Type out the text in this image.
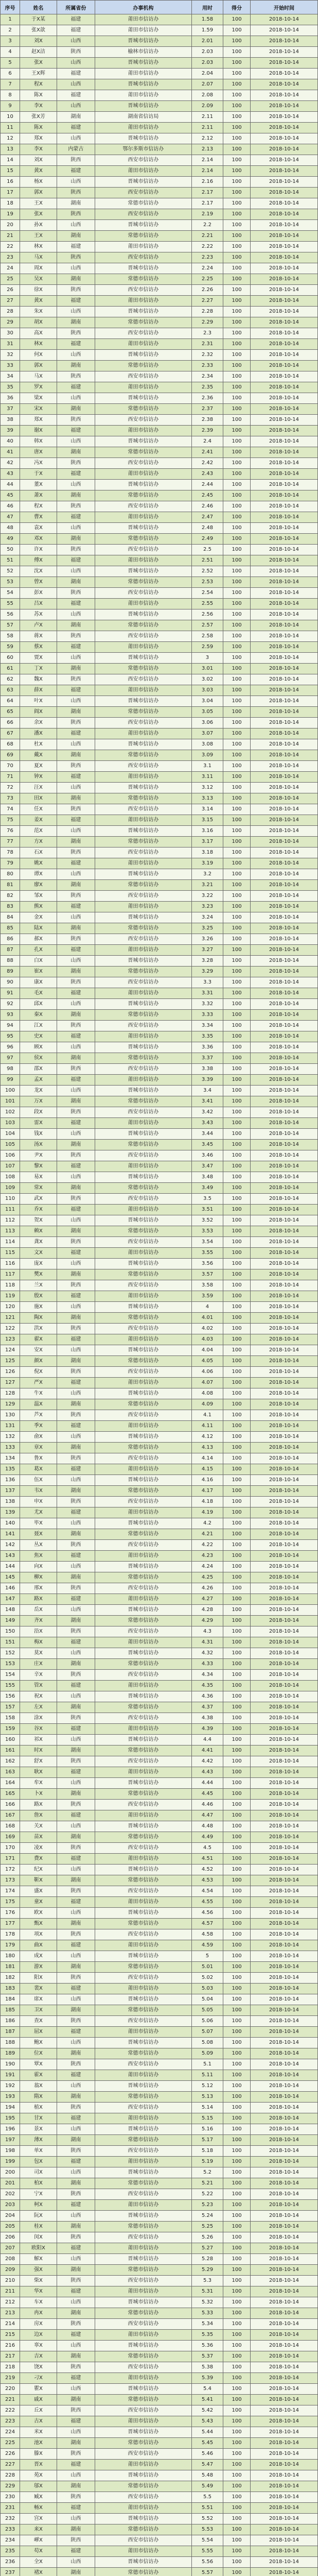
序号	姓名	所属省份	办事机构	用时	得分	开始时间
1	于X某	福建	莆田市信访办	1.58	100	2018-10-14
2	张X歆	福建	莆田市信访办	1.59	100	2018-10-14
3	刘X	山西	晋城市信访办	2.01	100	2018-10-14
4	赵X洁	陕西	榆林市信访办	2.03	100	2018-10-14
5	张X	山西	晋城市信访办	2.03	100	2018-10-14
6	王X辉	福建	莆田市信访办	2.04	100	2018-10-14
7	程X	山西	晋城市信访办	2.07	100	2018-10-14
8	陈X	福建	莆田市信访办	2.08	100	2018-10-14
9	李X	山西	晋城市信访办	2.09	100	2018-10-14
10	张X芳	湖南	湖南省信访局	2.11	100	2018-10-14
11	陈X	福建	莆田市信访办	2.11	100	2018-10-14
12	郑X	山西	晋城市信访办	2.12	100	2018-10-14
13	李X	内蒙古	鄂尔多斯市信访办	2.13	100	2018-10-14
14	刘X	陕西	西安市信访办	2.14	100	2018-10-14
15	黄X	福建	莆田市信访办	2.14	100	2018-10-14
16	杨X	山西	晋城市信访办	2.16	100	2018-10-14
17	郭X	陕西	西安市信访办	2.17	100	2018-10-14
18	王X	湖南	常德市信访办	2.17	100	2018-10-14
19	张X	陕西	西安市信访办	2.19	100	2018-10-14
20	孙X	山西	晋城市信访办	2.2	100	2018-10-14
21	王X	湖南	常德市信访办	2.21	100	2018-10-14
22	林X	福建	莆田市信访办	2.22	100	2018-10-14
23	马X	陕西	西安市信访办	2.23	100	2018-10-14
24	周X	山西	晋城市信访办	2.24	100	2018-10-14
25	吴X	湖南	常德市信访办	2.25	100	2018-10-14
26	徐X	陕西	西安市信访办	2.26	100	2018-10-14
27	黄X	福建	莆田市信访办	2.27	100	2018-10-14
28	朱X	山西	晋城市信访办	2.28	100	2018-10-14
29	胡X	湖南	常德市信访办	2.29	100	2018-10-14
30	高X	陕西	西安市信访办	2.3	100	2018-10-14
31	林X	福建	莆田市信访办	2.31	100	2018-10-14
32	何X	山西	晋城市信访办	2.32	100	2018-10-14
33	郭X	湖南	常德市信访办	2.33	100	2018-10-14
34	马X	陕西	西安市信访办	2.34	100	2018-10-14
35	罗X	福建	莆田市信访办	2.35	100	2018-10-14
36	梁X	山西	晋城市信访办	2.36	100	2018-10-14
37	宋X	湖南	常德市信访办	2.37	100	2018-10-14
38	郑X	陕西	西安市信访办	2.38	100	2018-10-14
39	谢X	福建	莆田市信访办	2.39	100	2018-10-14
40	韩X	山西	晋城市信访办	2.4	100	2018-10-14
41	唐X	湖南	常德市信访办	2.41	100	2018-10-14
42	冯X	陕西	西安市信访办	2.42	100	2018-10-14
43	于X	福建	莆田市信访办	2.43	100	2018-10-14
44	董X	山西	晋城市信访办	2.44	100	2018-10-14
45	萧X	湖南	常德市信访办	2.45	100	2018-10-14
46	程X	陕西	西安市信访办	2.46	100	2018-10-14
47	曹X	福建	莆田市信访办	2.47	100	2018-10-14
48	袁X	山西	晋城市信访办	2.48	100	2018-10-14
49	邓X	湖南	常德市信访办	2.49	100	2018-10-14
50	许X	陕西	西安市信访办	2.5	100	2018-10-14
51	傅X	福建	莆田市信访办	2.51	100	2018-10-14
52	沈X	山西	晋城市信访办	2.52	100	2018-10-14
53	曾X	湖南	常德市信访办	2.53	100	2018-10-14
54	彭X	陕西	西安市信访办	2.54	100	2018-10-14
55	吕X	福建	莆田市信访办	2.55	100	2018-10-14
56	苏X	山西	晋城市信访办	2.56	100	2018-10-14
57	卢X	湖南	常德市信访办	2.57	100	2018-10-14
58	蒋X	陕西	西安市信访办	2.58	100	2018-10-14
59	蔡X	福建	莆田市信访办	2.59	100	2018-10-14
60	贾X	山西	晋城市信访办	3	100	2018-10-14
61	丁X	湖南	常德市信访办	3.01	100	2018-10-14
62	魏X	陕西	西安市信访办	3.02	100	2018-10-14
63	薛X	福建	莆田市信访办	3.03	100	2018-10-14
64	叶X	山西	晋城市信访办	3.04	100	2018-10-14
65	阎X	湖南	常德市信访办	3.05	100	2018-10-14
66	余X	陕西	西安市信访办	3.06	100	2018-10-14
67	潘X	福建	莆田市信访办	3.07	100	2018-10-14
68	杜X	山西	晋城市信访办	3.08	100	2018-10-14
69	戴X	湖南	常德市信访办	3.09	100	2018-10-14
70	夏X	陕西	西安市信访办	3.1	100	2018-10-14
71	钟X	福建	莆田市信访办	3.11	100	2018-10-14
72	汪X	山西	晋城市信访办	3.12	100	2018-10-14
73	田X	湖南	常德市信访办	3.13	100	2018-10-14
74	任X	陕西	西安市信访办	3.14	100	2018-10-14
75	姜X	福建	莆田市信访办	3.15	100	2018-10-14
76	范X	山西	晋城市信访办	3.16	100	2018-10-14
77	方X	湖南	常德市信访办	3.17	100	2018-10-14
78	石X	陕西	西安市信访办	3.18	100	2018-10-14
79	姚X	福建	莆田市信访办	3.19	100	2018-10-14
80	谭X	山西	晋城市信访办	3.2	100	2018-10-14
81	廖X	湖南	常德市信访办	3.21	100	2018-10-14
82	邹X	陕西	西安市信访办	3.22	100	2018-10-14
83	熊X	福建	莆田市信访办	3.23	100	2018-10-14
84	金X	山西	晋城市信访办	3.24	100	2018-10-14
85	陆X	湖南	常德市信访办	3.25	100	2018-10-14
86	郝X	陕西	西安市信访办	3.26	100	2018-10-14
87	孔X	福建	莆田市信访办	3.27	100	2018-10-14
88	白X	山西	晋城市信访办	3.28	100	2018-10-14
89	崔X	湖南	常德市信访办	3.29	100	2018-10-14
90	康X	陕西	西安市信访办	3.3	100	2018-10-14
91	毛X	福建	莆田市信访办	3.31	100	2018-10-14
92	邱X	山西	晋城市信访办	3.32	100	2018-10-14
93	秦X	湖南	常德市信访办	3.33	100	2018-10-14
94	江X	陕西	西安市信访办	3.34	100	2018-10-14
95	史X	福建	莆田市信访办	3.35	100	2018-10-14
96	顾X	山西	晋城市信访办	3.36	100	2018-10-14
97	侯X	湖南	常德市信访办	3.37	100	2018-10-14
98	邵X	陕西	西安市信访办	3.38	100	2018-10-14
99	孟X	福建	莆田市信访办	3.39	100	2018-10-14
100	龙X	山西	晋城市信访办	3.4	100	2018-10-14
101	万X	湖南	常德市信访办	3.41	100	2018-10-14
102	段X	陕西	西安市信访办	3.42	100	2018-10-14
103	雷X	福建	莆田市信访办	3.43	100	2018-10-14
104	钱X	山西	晋城市信访办	3.44	100	2018-10-14
105	汤X	湖南	常德市信访办	3.45	100	2018-10-14
106	尹X	陕西	西安市信访办	3.46	100	2018-10-14
107	黎X	福建	莆田市信访办	3.47	100	2018-10-14
108	易X	山西	晋城市信访办	3.48	100	2018-10-14
109	常X	湖南	常德市信访办	3.49	100	2018-10-14
110	武X	陕西	西安市信访办	3.5	100	2018-10-14
111	乔X	福建	莆田市信访办	3.51	100	2018-10-14
112	贺X	山西	晋城市信访办	3.52	100	2018-10-14
113	赖X	湖南	常德市信访办	3.53	100	2018-10-14
114	龚X	陕西	西安市信访办	3.54	100	2018-10-14
115	文X	福建	莆田市信访办	3.55	100	2018-10-14
116	庞X	山西	晋城市信访办	3.56	100	2018-10-14
117	樊X	湖南	常德市信访办	3.57	100	2018-10-14
118	兰X	陕西	西安市信访办	3.58	100	2018-10-14
119	殷X	福建	莆田市信访办	3.59	100	2018-10-14
120	施X	山西	晋城市信访办	4	100	2018-10-14
121	陶X	湖南	常德市信访办	4.01	100	2018-10-14
122	洪X	陕西	西安市信访办	4.02	100	2018-10-14
123	翟X	福建	莆田市信访办	4.03	100	2018-10-14
124	安X	山西	晋城市信访办	4.04	100	2018-10-14
125	颜X	湖南	常德市信访办	4.05	100	2018-10-14
126	倪X	陕西	西安市信访办	4.06	100	2018-10-14
127	严X	福建	莆田市信访办	4.07	100	2018-10-14
128	牛X	山西	晋城市信访办	4.08	100	2018-10-14
129	温X	湖南	常德市信访办	4.09	100	2018-10-14
130	芦X	陕西	西安市信访办	4.1	100	2018-10-14
131	季X	福建	莆田市信访办	4.11	100	2018-10-14
132	俞X	山西	晋城市信访办	4.12	100	2018-10-14
133	章X	湖南	常德市信访办	4.13	100	2018-10-14
134	鲁X	陕西	西安市信访办	4.14	100	2018-10-14
135	葛X	福建	莆田市信访办	4.15	100	2018-10-14
136	伍X	山西	晋城市信访办	4.16	100	2018-10-14
137	韦X	湖南	常德市信访办	4.17	100	2018-10-14
138	申X	陕西	西安市信访办	4.18	100	2018-10-14
139	尤X	福建	莆田市信访办	4.19	100	2018-10-14
140	毕X	山西	晋城市信访办	4.2	100	2018-10-14
141	聂X	湖南	常德市信访办	4.21	100	2018-10-14
142	丛X	陕西	西安市信访办	4.22	100	2018-10-14
143	焦X	福建	莆田市信访办	4.23	100	2018-10-14
144	向X	山西	晋城市信访办	4.24	100	2018-10-14
145	柳X	湖南	常德市信访办	4.25	100	2018-10-14
146	邢X	陕西	西安市信访办	4.26	100	2018-10-14
147	路X	福建	莆田市信访办	4.27	100	2018-10-14
148	岳X	山西	晋城市信访办	4.28	100	2018-10-14
149	齐X	湖南	常德市信访办	4.29	100	2018-10-14
150	沿X	陕西	西安市信访办	4.3	100	2018-10-14
151	梅X	福建	莆田市信访办	4.31	100	2018-10-14
152	莫X	山西	晋城市信访办	4.32	100	2018-10-14
153	庄X	湖南	常德市信访办	4.33	100	2018-10-14
154	辛X	陕西	西安市信访办	4.34	100	2018-10-14
155	管X	福建	莆田市信访办	4.35	100	2018-10-14
156	祝X	山西	晋城市信访办	4.36	100	2018-10-14
157	左X	湖南	常德市信访办	4.37	100	2018-10-14
158	涂X	陕西	西安市信访办	4.38	100	2018-10-14
159	谷X	福建	莆田市信访办	4.39	100	2018-10-14
160	祁X	山西	晋城市信访办	4.4	100	2018-10-14
161	时X	湖南	常德市信访办	4.41	100	2018-10-14
162	舒X	陕西	西安市信访办	4.42	100	2018-10-14
163	耿X	福建	莆田市信访办	4.43	100	2018-10-14
164	牟X	山西	晋城市信访办	4.44	100	2018-10-14
165	卜X	湖南	常德市信访办	4.45	100	2018-10-14
166	路X	陕西	西安市信访办	4.46	100	2018-10-14
167	詹X	福建	莆田市信访办	4.47	100	2018-10-14
168	关X	山西	晋城市信访办	4.48	100	2018-10-14
169	苗X	湖南	常德市信访办	4.49	100	2018-10-14
170	凌X	陕西	西安市信访办	4.5	100	2018-10-14
171	费X	福建	莆田市信访办	4.51	100	2018-10-14
172	纪X	山西	晋城市信访办	4.52	100	2018-10-14
173	靳X	湖南	常德市信访办	4.53	100	2018-10-14
174	盛X	陕西	西安市信访办	4.54	100	2018-10-14
175	童X	福建	莆田市信访办	4.55	100	2018-10-14
176	欧X	山西	晋城市信访办	4.56	100	2018-10-14
177	甄X	湖南	常德市信访办	4.57	100	2018-10-14
178	项X	陕西	西安市信访办	4.58	100	2018-10-14
179	曲X	福建	莆田市信访办	4.59	100	2018-10-14
180	成X	山西	晋城市信访办	5	100	2018-10-14
181	游X	湖南	常德市信访办	5.01	100	2018-10-14
182	阳X	陕西	西安市信访办	5.02	100	2018-10-14
183	裴X	福建	莆田市信访办	5.03	100	2018-10-14
184	席X	山西	晋城市信访办	5.04	100	2018-10-14
185	卫X	湖南	常德市信访办	5.05	100	2018-10-14
186	查X	陕西	西安市信访办	5.06	100	2018-10-14
187	屈X	福建	莆田市信访办	5.07	100	2018-10-14
188	鲍X	山西	晋城市信访办	5.08	100	2018-10-14
189	位X	湖南	常德市信访办	5.09	100	2018-10-14
190	覃X	陕西	西安市信访办	5.1	100	2018-10-14
191	霍X	福建	莆田市信访办	5.11	100	2018-10-14
192	翁X	山西	晋城市信访办	5.12	100	2018-10-14
193	隋X	湖南	常德市信访办	5.13	100	2018-10-14
194	植X	陕西	西安市信访办	5.14	100	2018-10-14
195	甘X	福建	莆田市信访办	5.15	100	2018-10-14
196	景X	山西	晋城市信访办	5.16	100	2018-10-14
197	薄X	湖南	常德市信访办	5.17	100	2018-10-14
198	单X	陕西	西安市信访办	5.18	100	2018-10-14
199	包X	福建	莆田市信访办	5.19	100	2018-10-14
200	司X	山西	晋城市信访办	5.2	100	2018-10-14
201	柏X	湖南	常德市信访办	5.21	100	2018-10-14
202	宁X	陕西	西安市信访办	5.22	100	2018-10-14
203	柯X	福建	莆田市信访办	5.23	100	2018-10-14
204	阮X	山西	晋城市信访办	5.24	100	2018-10-14
205	桂X	湖南	常德市信访办	5.25	100	2018-10-14
206	闵X	陕西	西安市信访办	5.26	100	2018-10-14
207	欧阳X	福建	莆田市信访办	5.27	100	2018-10-14
208	解X	山西	晋城市信访办	5.28	100	2018-10-14
209	强X	湖南	常德市信访办	5.29	100	2018-10-14
210	柴X	陕西	西安市信访办	5.3	100	2018-10-14
211	华X	福建	莆田市信访办	5.31	100	2018-10-14
212	车X	山西	晋城市信访办	5.32	100	2018-10-14
213	冉X	湖南	常德市信访办	5.33	100	2018-10-14
214	房X	陕西	西安市信访办	5.34	100	2018-10-14
215	边X	福建	莆田市信访办	5.35	100	2018-10-14
216	辜X	山西	晋城市信访办	5.36	100	2018-10-14
217	吉X	湖南	常德市信访办	5.37	100	2018-10-14
218	饶X	陕西	西安市信访办	5.38	100	2018-10-14
219	刁X	福建	莆田市信访办	5.39	100	2018-10-14
220	瞿X	山西	晋城市信访办	5.4	100	2018-10-14
221	戚X	湖南	常德市信访办	5.41	100	2018-10-14
222	丘X	陕西	西安市信访办	5.42	100	2018-10-14
223	古X	福建	莆田市信访办	5.43	100	2018-10-14
224	米X	山西	晋城市信访办	5.44	100	2018-10-14
225	池X	湖南	常德市信访办	5.45	100	2018-10-14
226	滕X	陕西	西安市信访办	5.46	100	2018-10-14
227	晋X	福建	莆田市信访办	5.47	100	2018-10-14
228	苑X	山西	晋城市信访办	5.48	100	2018-10-14
229	邬X	湖南	常德市信访办	5.49	100	2018-10-14
230	臧X	陕西	西安市信访办	5.5	100	2018-10-14
231	畅X	福建	莆田市信访办	5.51	100	2018-10-14
232	宫X	山西	晋城市信访办	5.52	100	2018-10-14
233	来X	湖南	常德市信访办	5.53	100	2018-10-14
234	嵺X	陕西	西安市信访办	5.54	100	2018-10-14
235	苟X	福建	莆田市信访办	5.55	100	2018-10-14
236	全X	山西	晋城市信访办	5.56	100	2018-10-14
237	褚X	湖南	常德市信访办	5.57	100	2018-10-14
